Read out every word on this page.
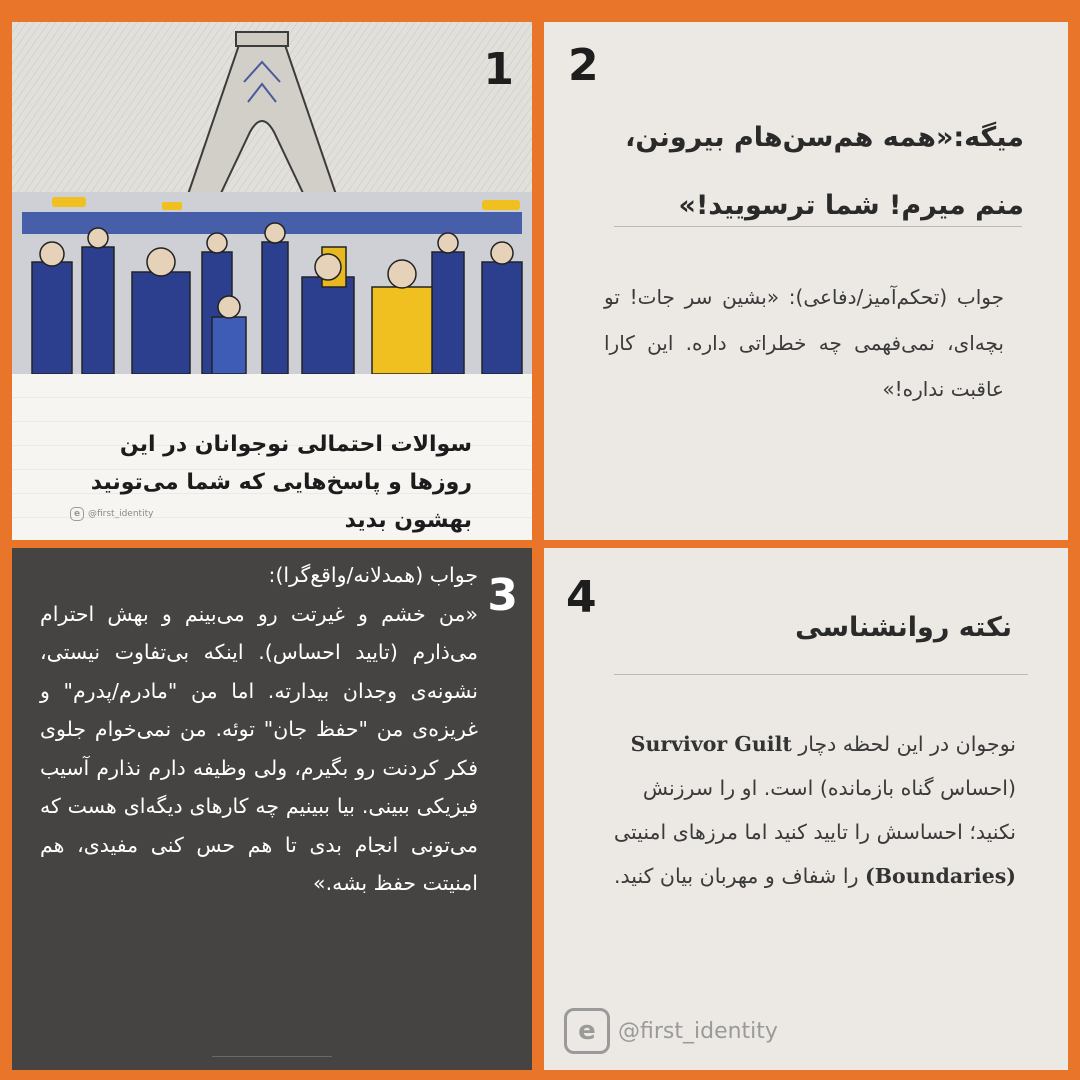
1
سوالات احتمالی نوجوانان در این روزها و پاسخ‌هایی که شما می‌تونید بهشون بدید
e @first_identity
2
میگه:«همه هم‌سن‌هام بیرونن، منم میرم! شما ترسویید!»
جواب (تحکم‌آمیز/دفاعی): «بشین سر جات! تو بچه‌ای، نمی‌فهمی چه خطراتی داره. این کارا عاقبت نداره!»
3
جواب (همدلانه/واقع‌گرا):
«من خشم و غیرتت رو می‌بینم و بهش احترام می‌ذارم (تایید احساس). اینکه بی‌تفاوت نیستی، نشونه‌ی وجدان بیدارته. اما من "مادرم/پدرم" و غریزه‌ی من "حفظ جان" توئه. من نمی‌خوام جلوی فکر کردنت رو بگیرم، ولی وظیفه دارم نذارم آسیب فیزیکی ببینی. بیا ببینیم چه کارهای دیگه‌ای هست که می‌تونی انجام بدی تا هم حس کنی مفیدی، هم امنیتت حفظ بشه.»
4
نکته روانشناسی
نوجوان در این لحظه دچار Survivor Guilt (احساس گناه بازمانده) است. او را سرزنش نکنید؛ احساسش را تایید کنید اما مرزهای امنیتی (Boundaries) را شفاف و مهربان بیان کنید.
e	@first_identity
